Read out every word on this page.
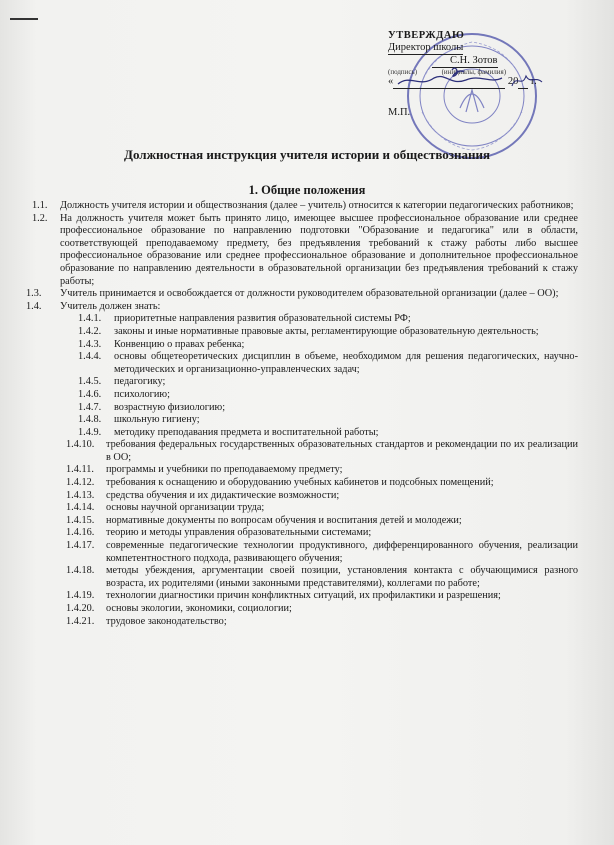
УТВЕРЖДАЮ
Директор школы
С.Н. Зотов
(подпись)	(инициалы, фамилия)
«	20 г.
М.П.
Должностная инструкция учителя истории и обществознания
1. Общие положения
1.1.	Должность учителя истории и обществознания (далее – учитель) относится к категории педагогических работников;
1.2.	На должность учителя может быть принято лицо, имеющее высшее профессиональное образование или среднее профессиональное образование по направлению подготовки "Образование и педагогика" или в области, соответствующей преподаваемому предмету, без предъявления требований к стажу работы либо высшее профессиональное образование или среднее профессиональное образование и дополнительное профессиональное образование по направлению деятельности в образовательной организации без предъявления требований к стажу работы;
1.3.	Учитель принимается и освобождается от должности руководителем образовательной организации (далее – ОО);
1.4.	Учитель должен знать:
1.4.1.	приоритетные направления развития образовательной системы РФ;
1.4.2.	законы и иные нормативные правовые акты, регламентирующие образовательную деятельность;
1.4.3.	Конвенцию о правах ребенка;
1.4.4.	основы общетеоретических дисциплин в объеме, необходимом для решения педагогических, научно-методических и организационно-управленческих задач;
1.4.5.	педагогику;
1.4.6.	психологию;
1.4.7.	возрастную физиологию;
1.4.8.	школьную гигиену;
1.4.9.	методику преподавания предмета и воспитательной работы;
1.4.10.	требования федеральных государственных образовательных стандартов и рекомендации по их реализации в ОО;
1.4.11.	программы и учебники по преподаваемому предмету;
1.4.12.	требования к оснащению и оборудованию учебных кабинетов и подсобных помещений;
1.4.13.	средства обучения и их дидактические возможности;
1.4.14.	основы научной организации труда;
1.4.15.	нормативные документы по вопросам обучения и воспитания детей и молодежи;
1.4.16.	теорию и методы управления образовательными системами;
1.4.17.	современные педагогические технологии продуктивного, дифференцированного обучения, реализации компетентностного подхода, развивающего обучения;
1.4.18.	методы убеждения, аргументации своей позиции, установления контакта с обучающимися разного возраста, их родителями (иными законными представителями), коллегами по работе;
1.4.19.	технологии диагностики причин конфликтных ситуаций, их профилактики и разрешения;
1.4.20.	основы экологии, экономики, социологии;
1.4.21.	трудовое законодательство;
